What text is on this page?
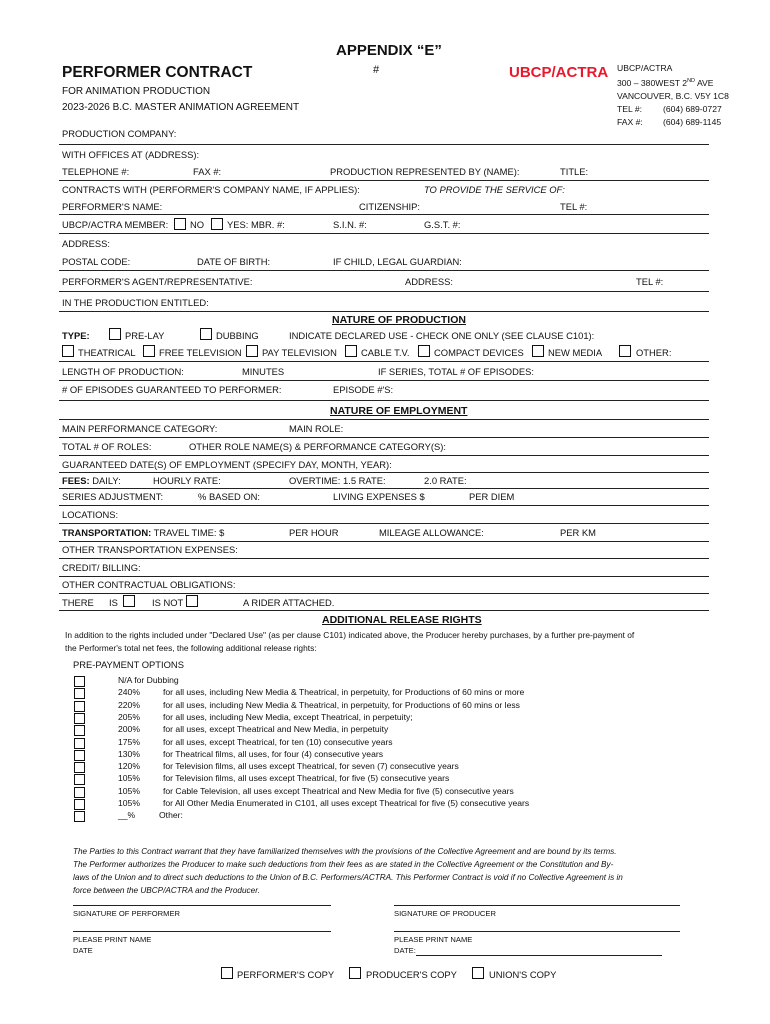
APPENDIX “E”
#
PERFORMER CONTRACT
FOR ANIMATION PRODUCTION
2023-2026 B.C. MASTER ANIMATION AGREEMENT
UBCP/ACTRA UBCP/ACTRA
300 – 380WEST 2ND AVE
VANCOUVER, B.C. V5Y 1C8
TEL #: (604) 689-0727
FAX #: (604) 689-1145
PRODUCTION COMPANY:
WITH OFFICES AT (ADDRESS):
TELEPHONE #:	FAX #:	PRODUCTION REPRESENTED BY (NAME):	TITLE:
CONTRACTS WITH (PERFORMER'S COMPANY NAME, IF APPLIES):	TO PROVIDE THE SERVICE OF:
PERFORMER'S NAME:	CITIZENSHIP:	TEL #:
UBCP/ACTRA MEMBER: NO YES: MBR. #:	S.I.N. #:	G.S.T. #:
ADDRESS:
POSTAL CODE:	DATE OF BIRTH:	IF CHILD, LEGAL GUARDIAN:
PERFORMER'S AGENT/REPRESENTATIVE:	ADDRESS:	TEL #:
IN THE PRODUCTION ENTITLED:
NATURE OF PRODUCTION
TYPE:	PRE-LAY	DUBBING	INDICATE DECLARED USE - CHECK ONE ONLY (SEE CLAUSE C101):
THEATRICAL FREE TELEVISION PAY TELEVISION	CABLE T.V.	COMPACT DEVICES	NEW MEDIA	OTHER:
LENGTH OF PRODUCTION:	MINUTES	IF SERIES, TOTAL # OF EPISODES:
# OF EPISODES GUARANTEED TO PERFORMER:	EPISODE #'S:
NATURE OF EMPLOYMENT
MAIN PERFORMANCE CATEGORY:	MAIN ROLE:
TOTAL # OF ROLES:	OTHER ROLE NAME(S) & PERFORMANCE CATEGORY(S):
GUARANTEED DATE(S) OF EMPLOYMENT (SPECIFY DAY, MONTH, YEAR):
FEES: DAILY:	HOURLY RATE:	OVERTIME: 1.5 RATE:	2.0 RATE:
SERIES ADJUSTMENT:	% BASED ON:	LIVING EXPENSES $	PER DIEM
LOCATIONS:
TRANSPORTATION: TRAVEL TIME: $	PER HOUR	MILEAGE ALLOWANCE:	PER KM
OTHER TRANSPORTATION EXPENSES:
CREDIT/ BILLING:
OTHER CONTRACTUAL OBLIGATIONS:
THERE IS	IS NOT	A RIDER ATTACHED.
ADDITIONAL RELEASE RIGHTS
In addition to the rights included under "Declared Use" (as per clause C101) indicated above, the Producer hereby purchases, by a further pre-payment of
the Performer's total net fees, the following additional release rights:
PRE-PAYMENT OPTIONS
N/A for Dubbing
240%	for all uses, including New Media & Theatrical, in perpetuity, for Productions of 60 mins or more
220%	for all uses, including New Media & Theatrical, in perpetuity, for Productions of 60 mins or less
205%	for all uses, including New Media, except Theatrical, in perpetuity;
200%	for all uses, except Theatrical and New Media, in perpetuity
175%	for all uses, except Theatrical, for ten (10) consecutive years
130%	for Theatrical films, all uses, for four (4) consecutive years
120%	for Television films, all uses except Theatrical, for seven (7) consecutive years
105%	for Television films, all uses except Theatrical, for five (5) consecutive years
105%	for Cable Television, all uses except Theatrical and New Media for five (5) consecutive years
105%	for All Other Media Enumerated in C101, all uses except Theatrical for five (5) consecutive years
__%	Other:
The Parties to this Contract warrant that they have familiarized themselves with the provisions of the Collective Agreement and are bound by its terms.
The Performer authorizes the Producer to make such deductions from their fees as are stated in the Collective Agreement or the Constitution and By-
laws of the Union and to direct such deductions to the Union of B.C. Performers/ACTRA. This Performer Contract is void if no Collective Agreement is in
force between the UBCP/ACTRA and the Producer.
SIGNATURE OF PERFORMER	SIGNATURE OF PRODUCER
PLEASE PRINT NAME
DATE
PLEASE PRINT NAME
DATE:
PERFORMER'S COPY	PRODUCER'S COPY	UNION'S COPY
